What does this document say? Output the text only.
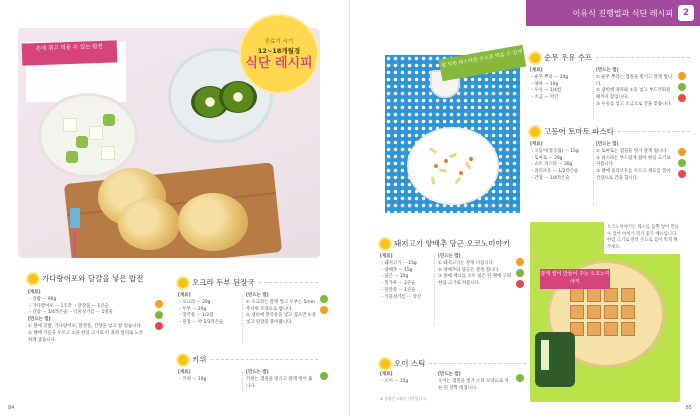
손에 쥐고 먹을 수 있는 밥전
완료기 시기
12~18개월경
식단 레시피
가다랑어포와 달걀을 넣은 밥전
[재료]
・진밥 ··· 90g
・가다랑어포 ··· 1조각 ・달걀물 ··· 1큰술
・간장 ··· 1/4작은술 ・식물성기름 ··· 1방울
[만드는 법]
① 볼에 진밥, 가다랑어포, 달걀물, 간장을 넣고 잘 섞습니다.
② 팬에 기름을 두르고 ①을 한입 크기로 떠 올려 앞뒤로 노릇하게 굽습니다.
오크라 두부 된장국
[재료]
・오크라 ··· 20g
・두부 ··· 20g
・맛국물 ··· 1/2컵
・된장 ··· 약 1/3작은술
[만드는 법]
① 오크라는 잘게 썰고 두부는 5mm 주사위 모양으로 썹니다.
② 냄비에 맛국물을 넣고 끓으면 ①을 넣고 된장을 풀어줍니다.
키위
[재료]
・키위 ··· 10g
[만드는 법]
키위는 껍질을 벗기고 잘게 썰어 줍니다.
84
이유식 진행법과 식단 레시피	2
잘 익힌 파스타를 손으로 먹을 수 있게	순무 우유 수프
[재료]
・순무 뿌리 ··· 20g
・양파 ··· 10g
・우유 ··· 1/4컵
・소금 ··· 약간
[만드는 법]
① 순무 뿌리는 껍질을 벗기고 잘게 썹니다.
② 냄비에 양파와 ①을 넣고 부드러워질 때까지 끓입니다.
③ 우유를 넣고 소금으로 간을 맞춥니다.
고등어 토마토 파스타
[재료]
・고등어(통조림) ··· 15g
・토마토 ··· 20g
・쇼트 파스타 ··· 30g
・올리브유 ··· 1/2작은술
・간장 ··· 1/4작은술
[만드는 법]
① 토마토는 껍질을 벗겨 잘게 썹니다.
② 파스타는 부드럽게 삶아 한입 크기로 자릅니다.
③ 팬에 올리브유를 두르고 재료를 볶아 간장으로 간을 합니다.
돼지고기 양배추 당근 오코노미야키
[재료]
・돼지고기 ··· 15g
・양배추 ··· 15g
・당근 ··· 10g
・밀가루 ··· 2큰술
・달걀물 ··· 1큰술
・식물성기름 ··· 약간
[만드는 법]
① 돼지고기는 잘게 다집니다.
② 양배추와 당근은 잘게 썹니다.
③ 볼에 재료를 모두 섞은 뒤 팬에 구워 한입 크기로 자릅니다.
오이 스틱
[재료]
・오이 ··· 15g
[만드는 법]
오이는 껍질을 벗겨 스틱 모양으로 자른 뒤 살짝 데칩니다.
잘게 썰어 만들어 주는 오코노미야키
오코노미야키는 채소를 듬뿍 넣어 만들 수 있어 아이가 먹기 좋은 메뉴입니다. 한입 크기로 잘라 손으로 집어 먹게 해 주세요.
※ 분량은 1회분 기준입니다.
85
